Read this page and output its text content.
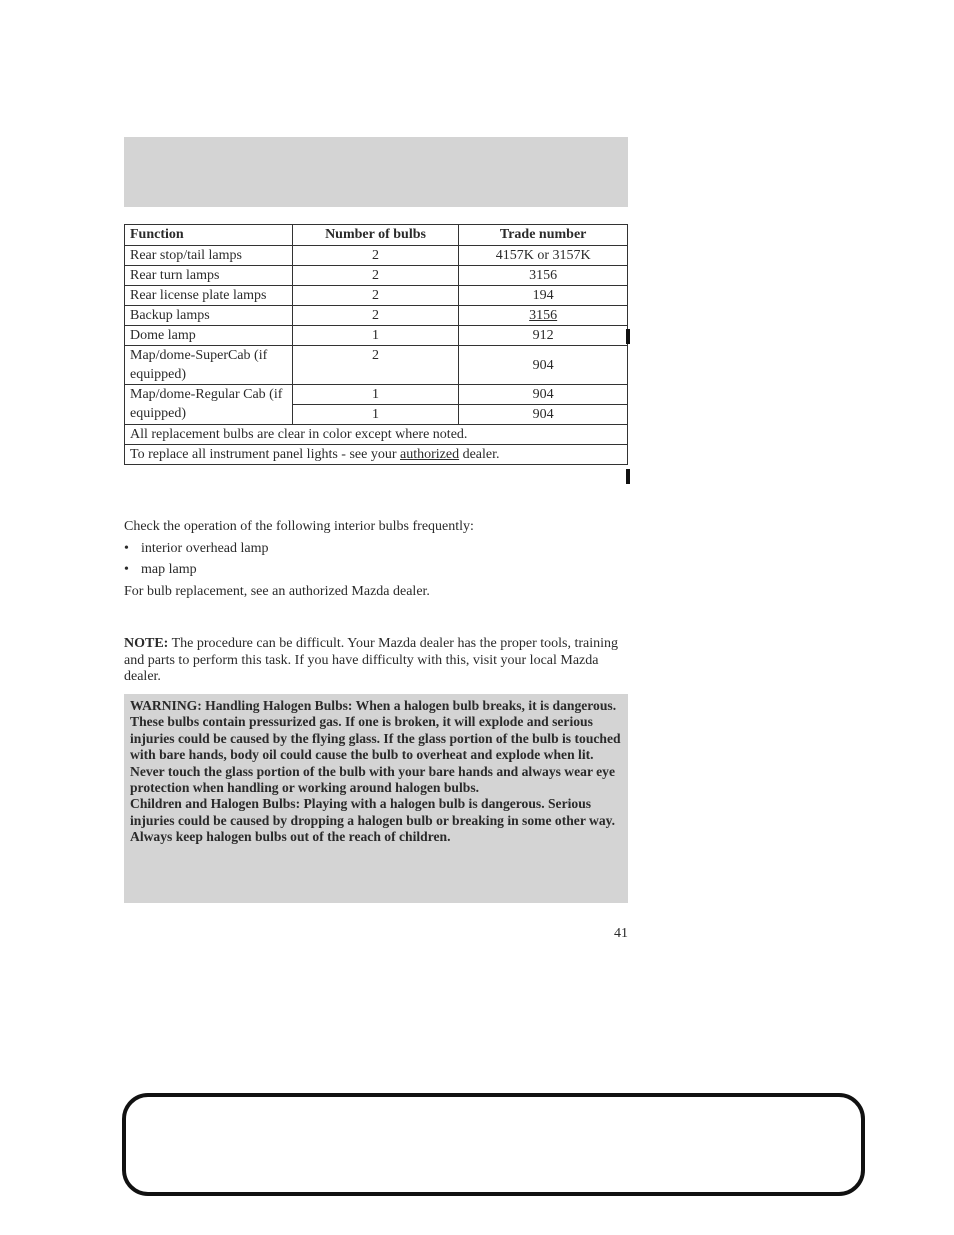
Function	Number of bulbs	Trade number
Rear stop/tail lamps	2	4157K or 3157K
Rear turn lamps	2	3156
Rear license plate lamps	2	194
Backup lamps	2	3156
Dome lamp	1	912
Map/dome-SuperCab (if equipped)	2	904
Map/dome-Regular Cab (if equipped)	1	904
	1	904
All replacement bulbs are clear in color except where noted.		
To replace all instrument panel lights - see your authorized dealer.		
Check the operation of the following interior bulbs frequently:
• interior overhead lamp
• map lamp
For bulb replacement, see an authorized Mazda dealer.
NOTE: The procedure can be difficult. Your Mazda dealer has the proper tools, training and parts to perform this task. If you have difficulty with this, visit your local Mazda dealer.

WARNING: Handling Halogen Bulbs: When a halogen bulb breaks, it is dangerous. These bulbs contain pressurized gas. If one is broken, it will explode and serious injuries could be caused by the flying glass. If the glass portion of the bulb is touched with bare hands, body oil could cause the bulb to overheat and explode when lit. Never touch the glass portion of the bulb with your bare hands and always wear eye protection when handling or working around halogen bulbs.

Children and Halogen Bulbs: Playing with a halogen bulb is dangerous. Serious injuries could be caused by dropping a halogen bulb or breaking in some other way. Always keep halogen bulbs out of the reach of children.

41
